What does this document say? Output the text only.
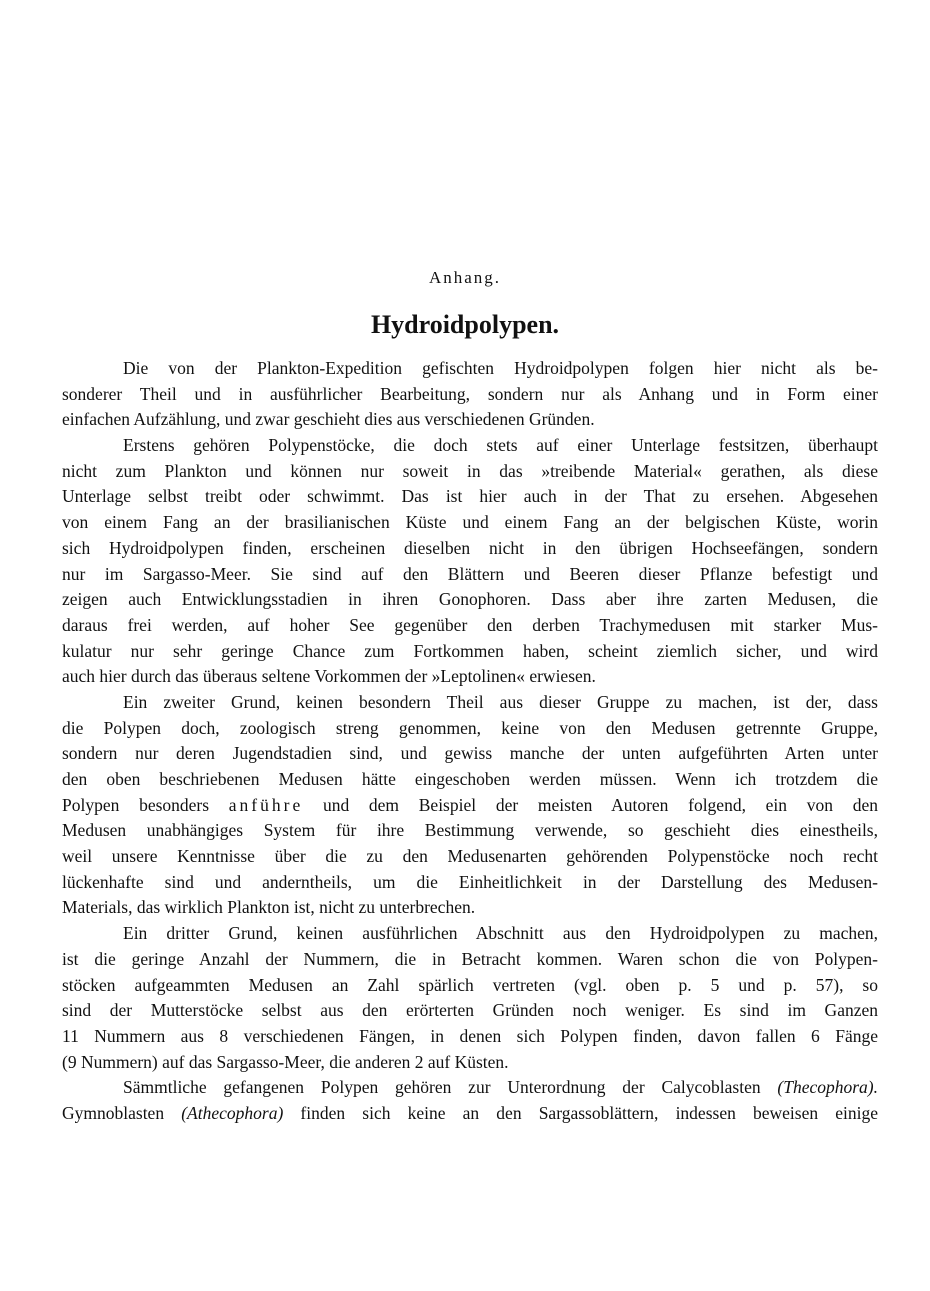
Anhang.
Hydroidpolypen.
Die von der Plankton-Expedition gefischten Hydroidpolypen folgen hier nicht als be-
sonderer Theil und in ausführlicher Bearbeitung, sondern nur als Anhang und in Form einer
einfachen Aufzählung, und zwar geschieht dies aus verschiedenen Gründen.
Erstens gehören Polypenstöcke, die doch stets auf einer Unterlage festsitzen, überhaupt
nicht zum Plankton und können nur soweit in das »treibende Material« gerathen, als diese
Unterlage selbst treibt oder schwimmt. Das ist hier auch in der That zu ersehen. Abgesehen
von einem Fang an der brasilianischen Küste und einem Fang an der belgischen Küste, worin
sich Hydroidpolypen finden, erscheinen dieselben nicht in den übrigen Hochseefängen, sondern
nur im Sargasso-Meer. Sie sind auf den Blättern und Beeren dieser Pflanze befestigt und
zeigen auch Entwicklungsstadien in ihren Gonophoren. Dass aber ihre zarten Medusen, die
daraus frei werden, auf hoher See gegenüber den derben Trachymedusen mit starker Mus-
kulatur nur sehr geringe Chance zum Fortkommen haben, scheint ziemlich sicher, und wird
auch hier durch das überaus seltene Vorkommen der »Leptolinen« erwiesen.
Ein zweiter Grund, keinen besondern Theil aus dieser Gruppe zu machen, ist der, dass
die Polypen doch, zoologisch streng genommen, keine von den Medusen getrennte Gruppe,
sondern nur deren Jugendstadien sind, und gewiss manche der unten aufgeführten Arten unter
den oben beschriebenen Medusen hätte eingeschoben werden müssen. Wenn ich trotzdem die
Polypen besonders anführe und dem Beispiel der meisten Autoren folgend, ein von den
Medusen unabhängiges System für ihre Bestimmung verwende, so geschieht dies einestheils,
weil unsere Kenntnisse über die zu den Medusenarten gehörenden Polypenstöcke noch recht
lückenhafte sind und anderntheils, um die Einheitlichkeit in der Darstellung des Medusen-
Materials, das wirklich Plankton ist, nicht zu unterbrechen.
Ein dritter Grund, keinen ausführlichen Abschnitt aus den Hydroidpolypen zu machen,
ist die geringe Anzahl der Nummern, die in Betracht kommen. Waren schon die von Polypen-
stöcken aufgeammten Medusen an Zahl spärlich vertreten (vgl. oben p. 5 und p. 57), so
sind der Mutterstöcke selbst aus den erörterten Gründen noch weniger. Es sind im Ganzen
11 Nummern aus 8 verschiedenen Fängen, in denen sich Polypen finden, davon fallen 6 Fänge
(9 Nummern) auf das Sargasso-Meer, die anderen 2 auf Küsten.
Sämmtliche gefangenen Polypen gehören zur Unterordnung der Calycoblasten (Thecophora).
Gymnoblasten (Athecophora) finden sich keine an den Sargassoblättern, indessen beweisen einige
